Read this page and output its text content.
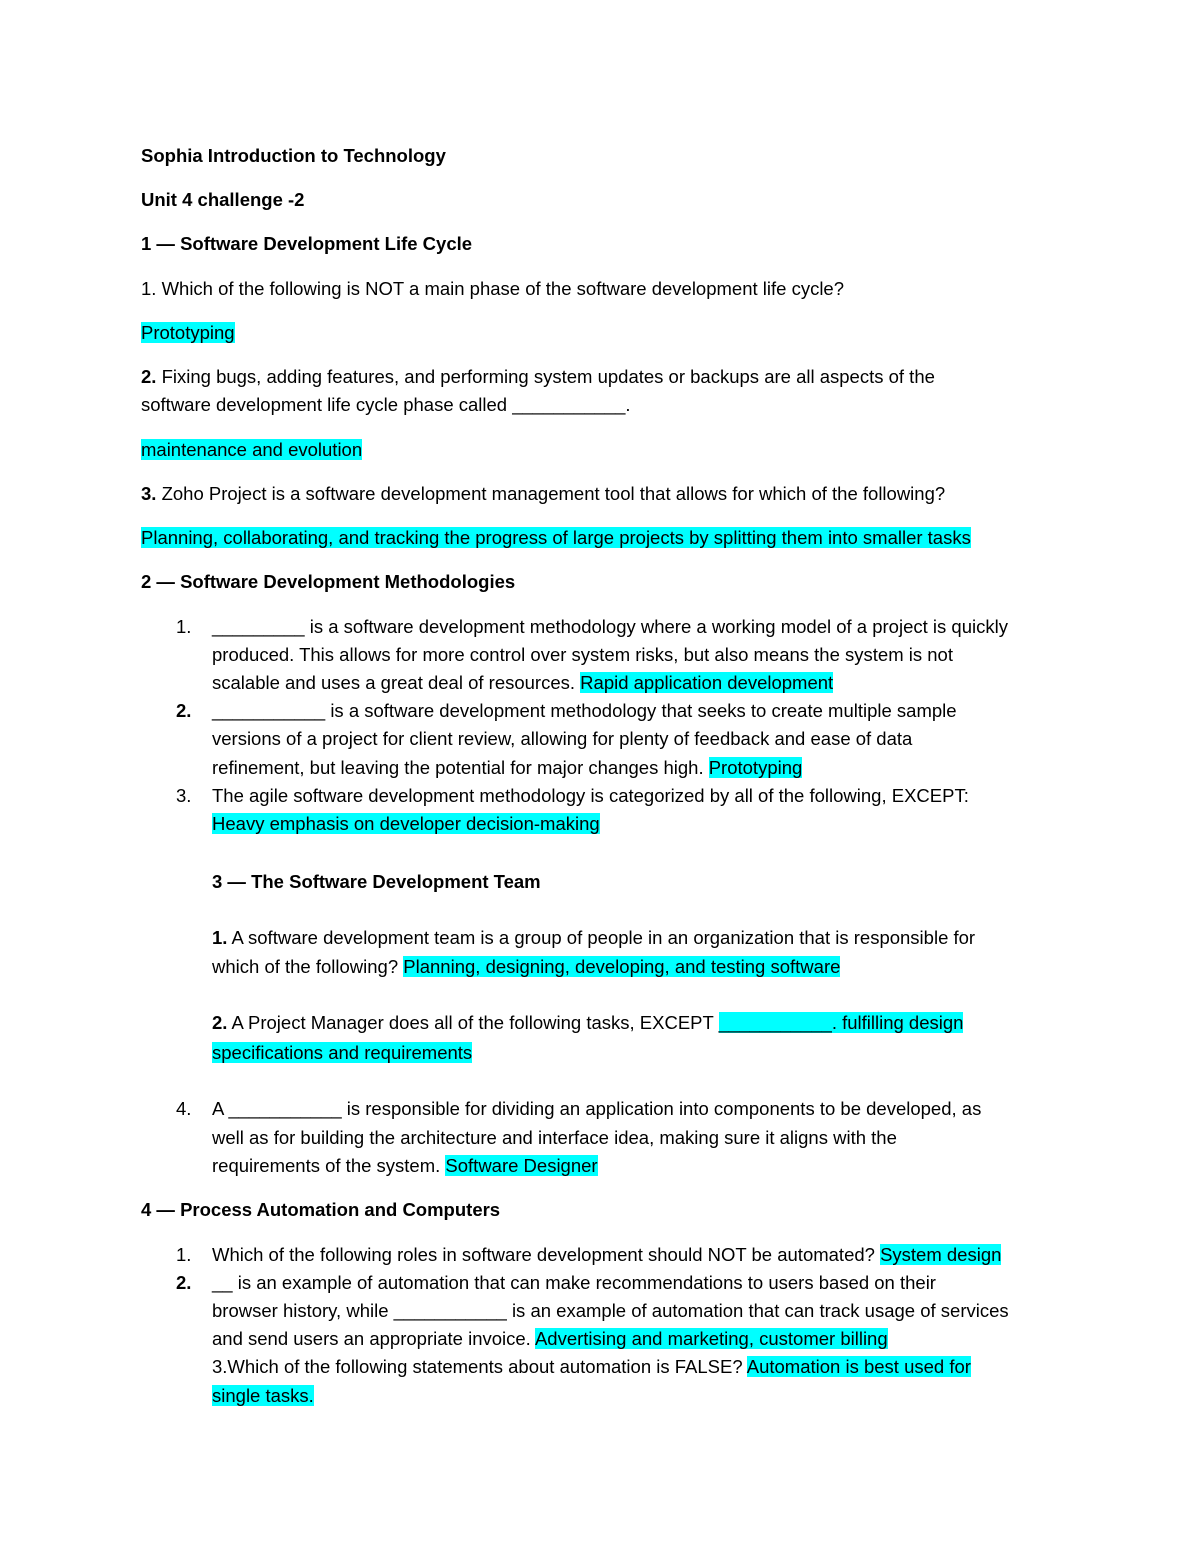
Sophia Introduction to Technology
Unit 4 challenge -2
1 — Software Development Life Cycle
1. Which of the following is NOT a main phase of the software development life cycle?
Prototyping
2. Fixing bugs, adding features, and performing system updates or backups are all aspects of the
software development life cycle phase called ___________.
maintenance and evolution
3. Zoho Project is a software development management tool that allows for which of the following?
Planning, collaborating, and tracking the progress of large projects by splitting them into smaller tasks
2 — Software Development Methodologies
1. _________ is a software development methodology where a working model of a project is quickly
produced. This allows for more control over system risks, but also means the system is not
scalable and uses a great deal of resources. Rapid application development
2. ___________ is a software development methodology that seeks to create multiple sample
versions of a project for client review, allowing for plenty of feedback and ease of data
refinement, but leaving the potential for major changes high. Prototyping
3. The agile software development methodology is categorized by all of the following, EXCEPT:
Heavy emphasis on developer decision-making
3 — The Software Development Team
1. A software development team is a group of people in an organization that is responsible for
which of the following? Planning, designing, developing, and testing software
2. A Project Manager does all of the following tasks, EXCEPT ___________. fulfilling design
specifications and requirements
4. A ___________ is responsible for dividing an application into components to be developed, as
well as for building the architecture and interface idea, making sure it aligns with the
requirements of the system. Software Designer
4 — Process Automation and Computers
1. Which of the following roles in software development should NOT be automated? System design
2. __ is an example of automation that can make recommendations to users based on their
browser history, while ___________ is an example of automation that can track usage of services
and send users an appropriate invoice. Advertising and marketing, customer billing
3.Which of the following statements about automation is FALSE? Automation is best used for
single tasks.
